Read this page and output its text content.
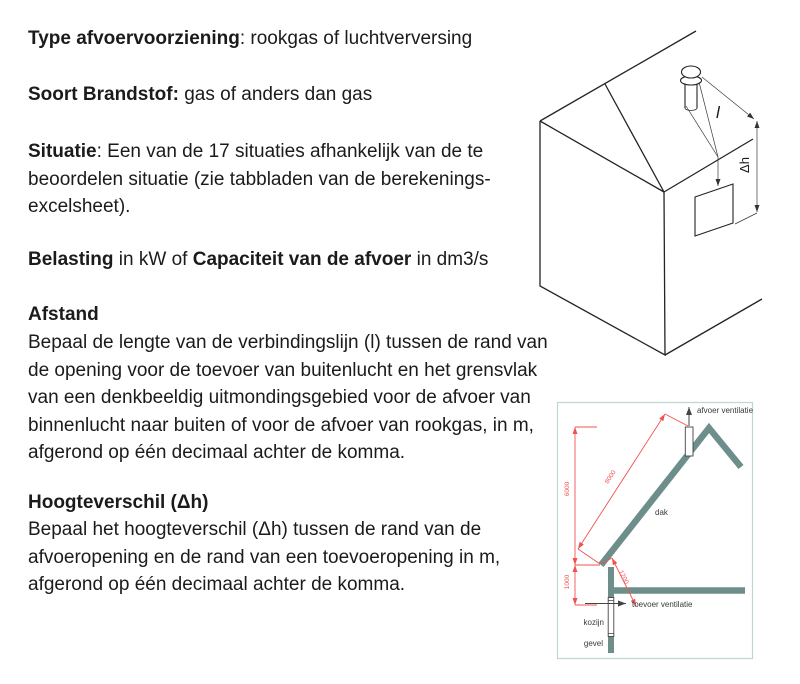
Type afvoervoorziening: rookgas of luchtverversing
Soort Brandstof: gas of anders dan gas
Situatie: Een van de 17 situaties afhankelijk van de te
beoordelen situatie (zie tabbladen van de berekenings-
excelsheet).
Belasting in kW of Capaciteit van de afvoer in dm3/s
Afstand
Bepaal de lengte van de verbindingslijn (l) tussen de rand van
de opening voor de toevoer van buitenlucht en het grensvlak
van een denkbeeldig uitmondingsgebied voor de afvoer van
binnenlucht naar buiten of voor de afvoer van rookgas, in m,
afgerond op één decimaal achter de komma.
Hoogteverschil (Δh)
Bepaal het hoogteverschil (Δh) tussen de rand van de
afvoeropening en de rand van een toevoeropening in m,
afgerond op één decimaal achter de komma.
l
Δh
6000
1000
8000
1200
afvoer ventilatie
dak
toevoer ventilatie
kozijn
gevel
